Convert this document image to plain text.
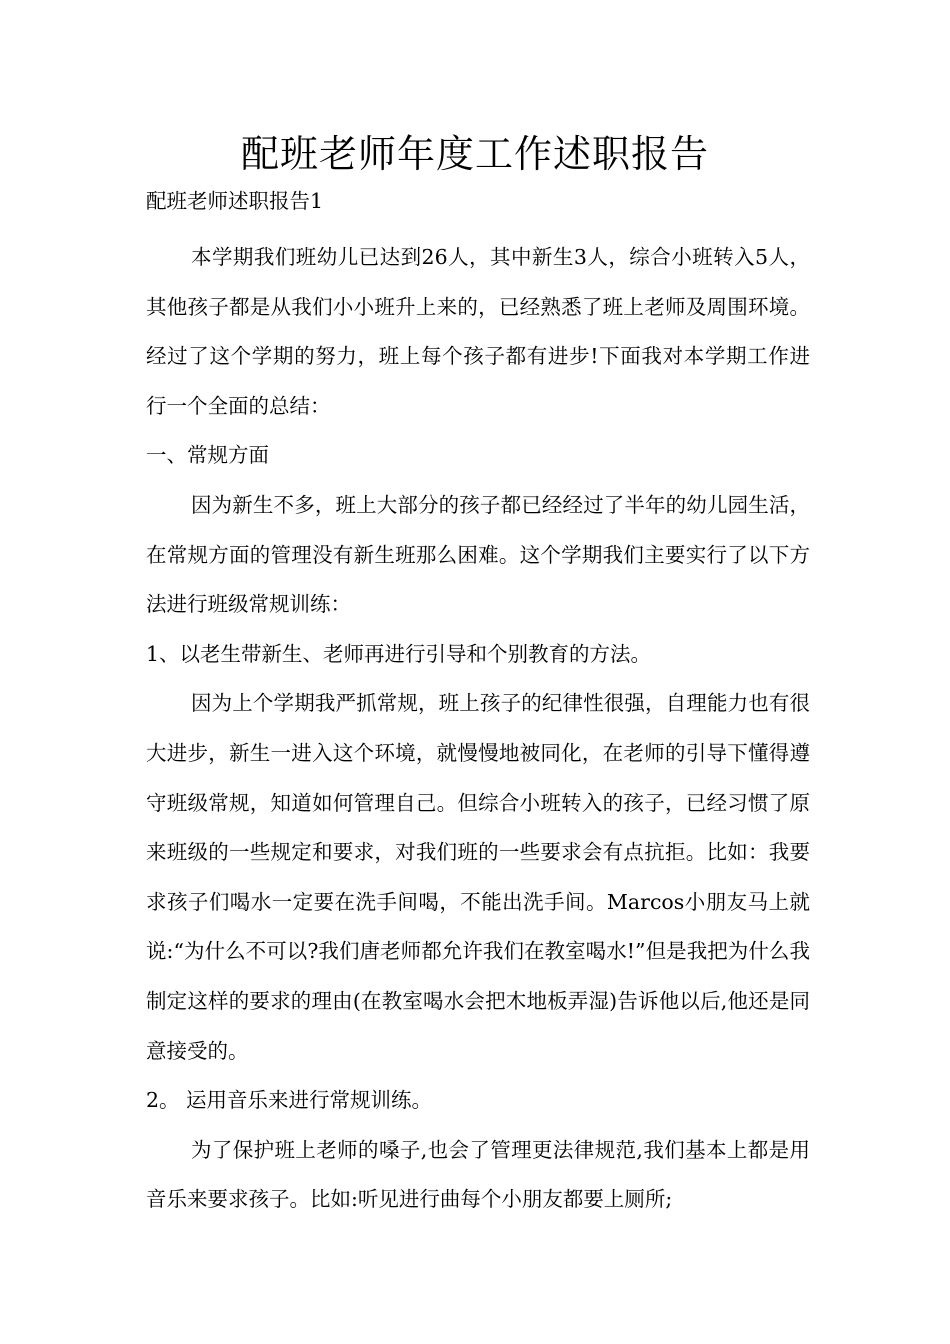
配班老师年度工作述职报告
配班老师述职报告1

本学期我们班幼儿已达到26人，其中新生3人，综合小班转入5人，其他孩子都是从我们小小班升上来的，已经熟悉了班上老师及周围环境。经过了这个学期的努力，班上每个孩子都有进步!下面我对本学期工作进行一个全面的总结：

一、常规方面

因为新生不多，班上大部分的孩子都已经经过了半年的幼儿园生活，在常规方面的管理没有新生班那么困难。这个学期我们主要实行了以下方法进行班级常规训练：

1、以老生带新生、老师再进行引导和个别教育的方法。

因为上个学期我严抓常规，班上孩子的纪律性很强，自理能力也有很大进步，新生一进入这个环境，就慢慢地被同化，在老师的引导下懂得遵守班级常规，知道如何管理自己。但综合小班转入的孩子，已经习惯了原来班级的一些规定和要求，对我们班的一些要求会有点抗拒。比如：我要求孩子们喝水一定要在洗手间喝，不能出洗手间。Marcos小朋友马上就说:“为什么不可以?我们唐老师都允许我们在教室喝水!”但是我把为什么我制定这样的要求的理由(在教室喝水会把木地板弄湿)告诉他以后,他还是同意接受的。

2。 运用音乐来进行常规训练。

为了保护班上老师的嗓子,也会了管理更法律规范,我们基本上都是用音乐来要求孩子。比如:听见进行曲每个小朋友都要上厕所;
